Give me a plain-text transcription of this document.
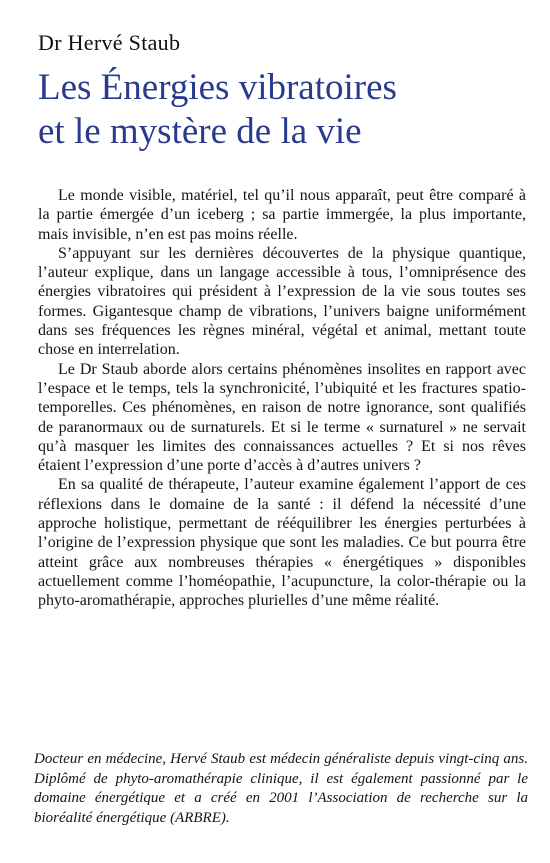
Dr Hervé Staub
Les Énergies vibratoires
et le mystère de la vie

Le monde visible, matériel, tel qu’il nous apparaît, peut être comparé à la partie émergée d’un iceberg ; sa partie immergée, la plus importante, mais invisible, n’en est pas moins réelle.

S’appuyant sur les dernières découvertes de la physique quantique, l’auteur explique, dans un langage accessible à tous, l’omniprésence des énergies vibratoires qui président à l’expression de la vie sous toutes ses formes. Gigantesque champ de vibrations, l’univers baigne uniformément dans ses fréquences les règnes minéral, végétal et animal, mettant toute chose en interrelation.

Le Dr Staub aborde alors certains phénomènes insolites en rapport avec l’espace et le temps, tels la synchronicité, l’ubiquité et les fractures spatio-temporelles. Ces phénomènes, en raison de notre ignorance, sont qualifiés de paranormaux ou de surnaturels. Et si le terme « surnaturel » ne servait qu’à masquer les limites des connaissances actuelles ? Et si nos rêves étaient l’expression d’une porte d’accès à d’autres univers ?

En sa qualité de thérapeute, l’auteur examine également l’apport de ces réflexions dans le domaine de la santé : il défend la nécessité d’une approche holistique, permettant de rééquilibrer les énergies perturbées à l’origine de l’expression physique que sont les maladies. Ce but pourra être atteint grâce aux nombreuses thérapies « énergétiques » disponibles actuellement comme l’homéopathie, l’acupuncture, la color-thérapie ou la phyto-aromathérapie, approches plurielles d’une même réalité.

Docteur en médecine, Hervé Staub est médecin généraliste depuis vingt-cinq ans. Diplômé de phyto-aromathérapie clinique, il est également passionné par le domaine énergétique et a créé en 2001 l’Association de recherche sur la bioréalité énergétique (ARBRE).
